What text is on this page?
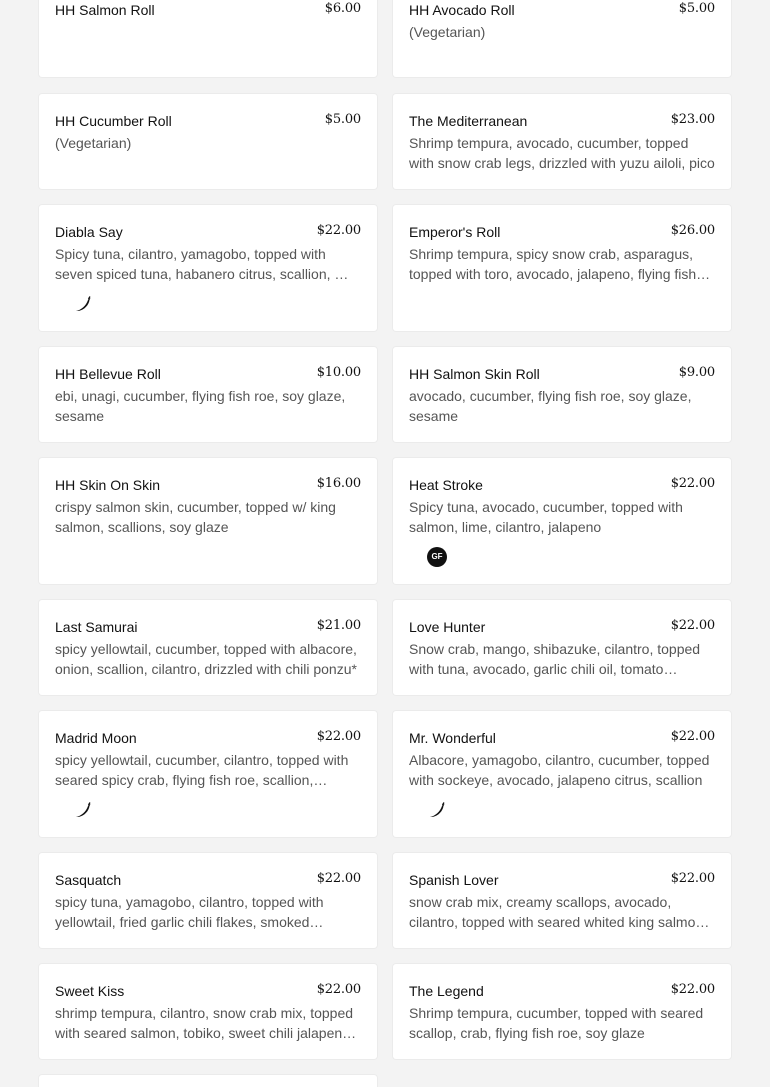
HH Salmon Roll	$6.00	HH Avocado Roll	$5.00
(Vegetarian)
HH Cucumber Roll	$5.00
(Vegetarian)
The Mediterranean	$23.00
Shrimp tempura, avocado, cucumber, topped with snow crab legs, drizzled with yuzu ailoli, pico
Diabla Say	$22.00
Spicy tuna, cilantro, yamagobo, topped with seven spiced tuna, habanero citrus, scallion, …
Emperor's Roll	$26.00
Shrimp tempura, spicy snow crab, asparagus, topped with toro, avocado, jalapeno, flying fish…
HH Bellevue Roll	$10.00
ebi, unagi, cucumber, flying fish roe, soy glaze, sesame
HH Salmon Skin Roll	$9.00
avocado, cucumber, flying fish roe, soy glaze, sesame
HH Skin On Skin	$16.00
crispy salmon skin, cucumber, topped w/ king salmon, scallions, soy glaze
Heat Stroke	$22.00
Spicy tuna, avocado, cucumber, topped with salmon, lime, cilantro, jalapeno
GF
Last Samurai	$21.00
spicy yellowtail, cucumber, topped with albacore, onion, scallion, cilantro, drizzled with chili ponzu*
Love Hunter	$22.00
Snow crab, mango, shibazuke, cilantro, topped with tuna, avocado, garlic chili oil, tomato…
Madrid Moon	$22.00
spicy yellowtail, cucumber, cilantro, topped with seared spicy crab, flying fish roe, scallion,…
Mr. Wonderful	$22.00
Albacore, yamagobo, cilantro, cucumber, topped with sockeye, avocado, jalapeno citrus, scallion
Sasquatch	$22.00
spicy tuna, yamagobo, cilantro, topped with yellowtail, fried garlic chili flakes, smoked…
Spanish Lover	$22.00
snow crab mix, creamy scallops, avocado, cilantro, topped with seared whited king salmo…
Sweet Kiss	$22.00
shrimp tempura, cilantro, snow crab mix, topped with seared salmon, tobiko, sweet chili jalapen…
The Legend	$22.00
Shrimp tempura, cucumber, topped with seared scallop, crab, flying fish roe, soy glaze
